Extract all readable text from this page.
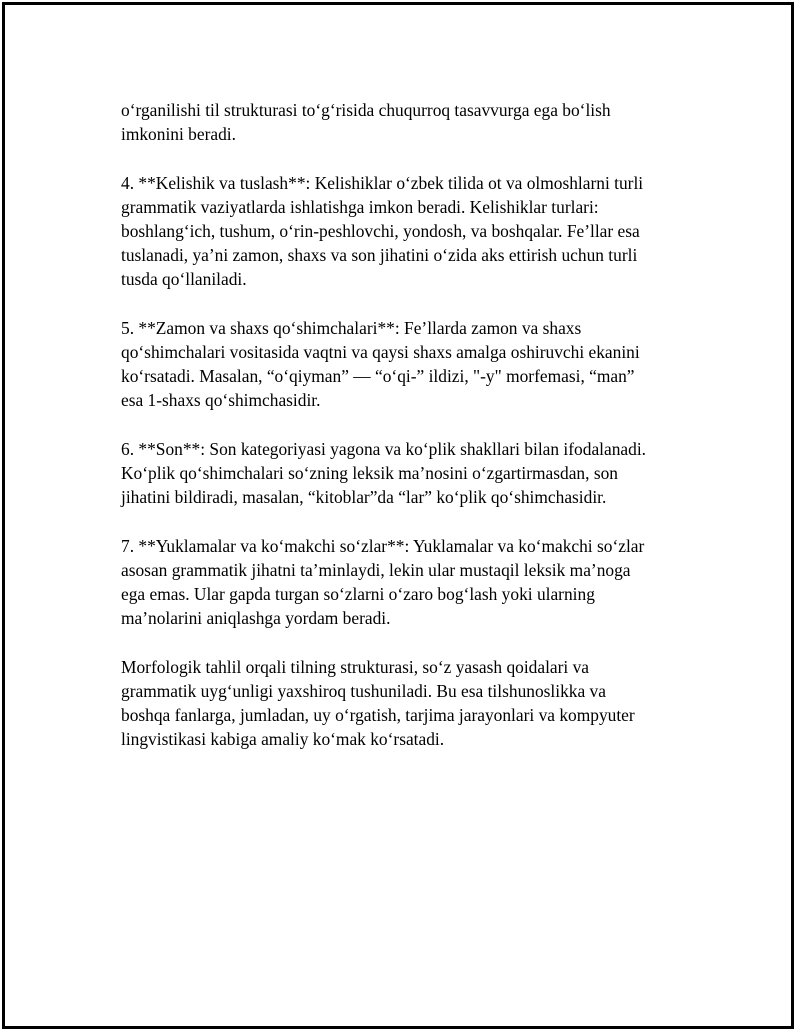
o‘rganilishi til strukturasi to‘g‘risida chuqurroq tasavvurga ega bo‘lish
imkonini beradi.

4. **Kelishik va tuslash**: Kelishiklar o‘zbek tilida ot va olmoshlarni turli
grammatik vaziyatlarda ishlatishga imkon beradi. Kelishiklar turlari:
boshlang‘ich, tushum, o‘rin-peshlovchi, yondosh, va boshqalar. Fe’llar esa
tuslanadi, ya’ni zamon, shaxs va son jihatini o‘zida aks ettirish uchun turli
tusda qo‘llaniladi.

5. **Zamon va shaxs qo‘shimchalari**: Fe’llarda zamon va shaxs
qo‘shimchalari vositasida vaqtni va qaysi shaxs amalga oshiruvchi ekanini
ko‘rsatadi. Masalan, “o‘qiyman” — “o‘qi-” ildizi, "-y" morfemasi, “man”
esa 1-shaxs qo‘shimchasidir.

6. **Son**: Son kategoriyasi yagona va ko‘plik shakllari bilan ifodalanadi.
Ko‘plik qo‘shimchalari so‘zning leksik ma’nosini o‘zgartirmasdan, son
jihatini bildiradi, masalan, “kitoblar”da “lar” ko‘plik qo‘shimchasidir.

7. **Yuklamalar va ko‘makchi so‘zlar**: Yuklamalar va ko‘makchi so‘zlar
asosan grammatik jihatni ta’minlaydi, lekin ular mustaqil leksik ma’noga
ega emas. Ular gapda turgan so‘zlarni o‘zaro bog‘lash yoki ularning
ma’nolarini aniqlashga yordam beradi.

Morfologik tahlil orqali tilning strukturasi, so‘z yasash qoidalari va
grammatik uyg‘unligi yaxshiroq tushuniladi. Bu esa tilshunoslikka va
boshqa fanlarga, jumladan, uy o‘rgatish, tarjima jarayonlari va kompyuter
lingvistikasi kabiga amaliy ko‘mak ko‘rsatadi.
